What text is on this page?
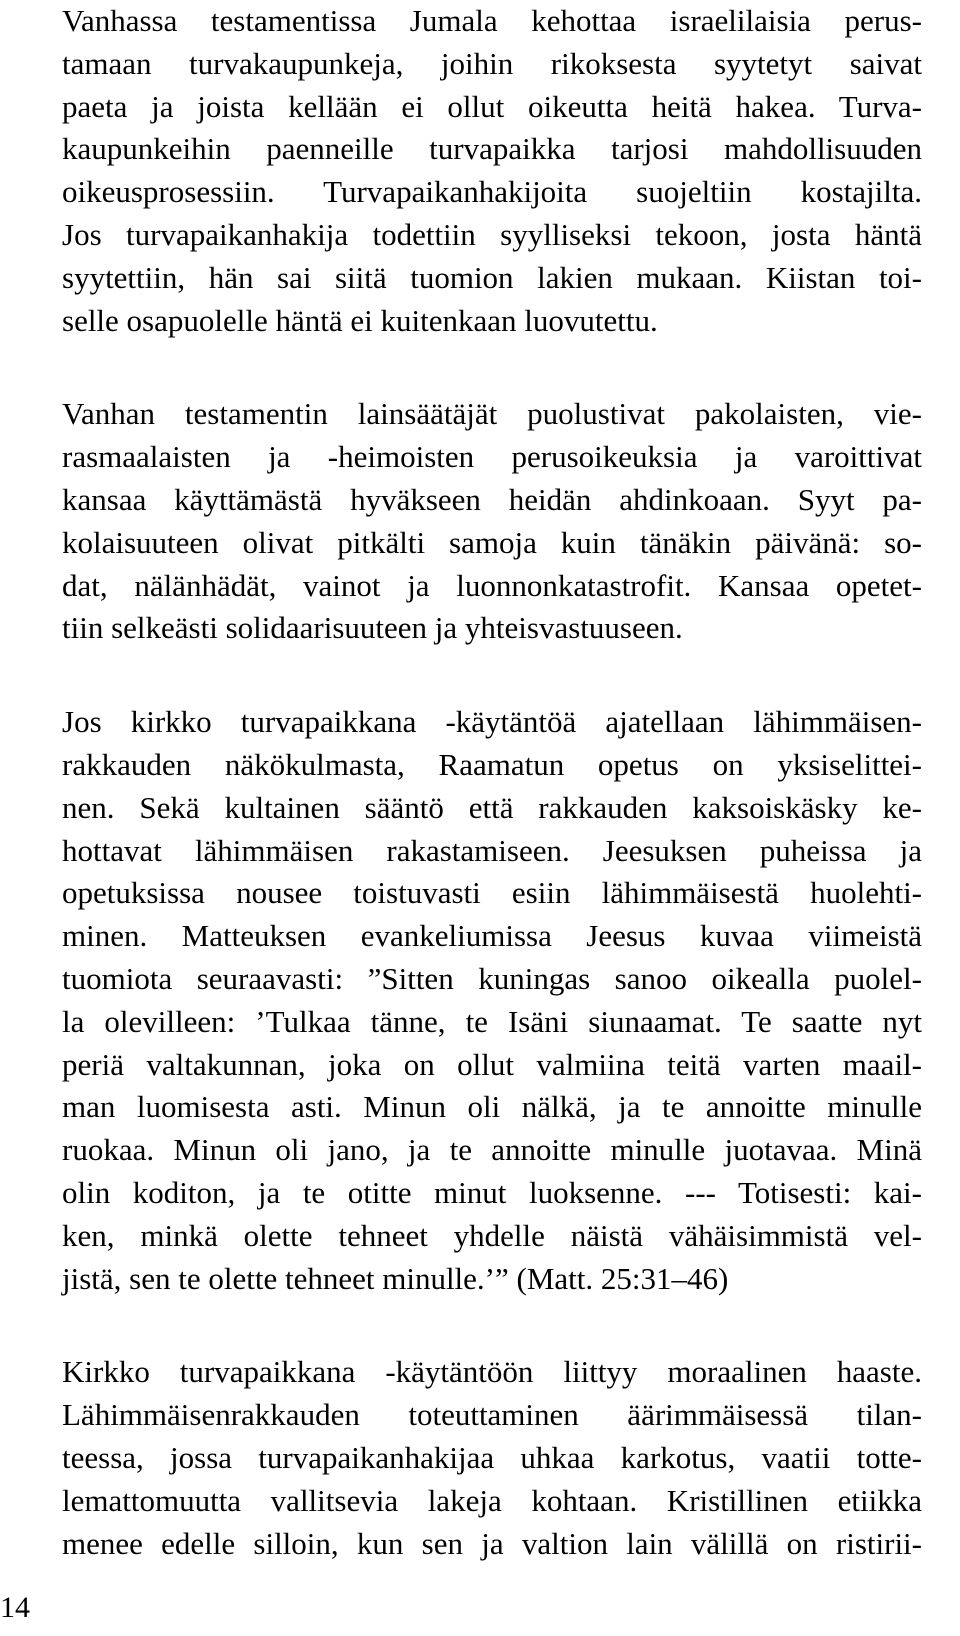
Vanhassa testamentissa Jumala kehottaa israelilaisia perus-
tamaan turvakaupunkeja, joihin rikoksesta syytetyt saivat
paeta ja joista kellään ei ollut oikeutta heitä hakea. Turva-
kaupunkeihin paenneille turvapaikka tarjosi mahdollisuuden
oikeusprosessiin. Turvapaikanhakijoita suojeltiin kostajilta.
Jos turvapaikanhakija todettiin syylliseksi tekoon, josta häntä
syytettiin, hän sai siitä tuomion lakien mukaan. Kiistan toi-
selle osapuolelle häntä ei kuitenkaan luovutettu.
Vanhan testamentin lainsäätäjät puolustivat pakolaisten, vie-
rasmaalaisten ja -heimoisten perusoikeuksia ja varoittivat
kansaa käyttämästä hyväkseen heidän ahdinkoaan. Syyt pa-
kolaisuuteen olivat pitkälti samoja kuin tänäkin päivänä: so-
dat, nälänhädät, vainot ja luonnonkatastrofit. Kansaa opetet-
tiin selkeästi solidaarisuuteen ja yhteisvastuuseen.
Jos kirkko turvapaikkana -käytäntöä ajatellaan lähimmäisen-
rakkauden näkökulmasta, Raamatun opetus on yksiselittei-
nen. Sekä kultainen sääntö että rakkauden kaksoiskäsky ke-
hottavat lähimmäisen rakastamiseen. Jeesuksen puheissa ja
opetuksissa nousee toistuvasti esiin lähimmäisestä huolehti-
minen. Matteuksen evankeliumissa Jeesus kuvaa viimeistä
tuomiota seuraavasti: ”Sitten kuningas sanoo oikealla puolel-
la olevilleen: ’Tulkaa tänne, te Isäni siunaamat. Te saatte nyt
periä valtakunnan, joka on ollut valmiina teitä varten maail-
man luomisesta asti. Minun oli nälkä, ja te annoitte minulle
ruokaa. Minun oli jano, ja te annoitte minulle juotavaa. Minä
olin koditon, ja te otitte minut luoksenne. --- Totisesti: kai-
ken, minkä olette tehneet yhdelle näistä vähäisimmistä vel-
jistä, sen te olette tehneet minulle.’” (Matt. 25:31–46)
Kirkko turvapaikkana -käytäntöön liittyy moraalinen haaste.
Lähimmäisenrakkauden toteuttaminen äärimmäisessä tilan-
teessa, jossa turvapaikanhakijaa uhkaa karkotus, vaatii totte-
lemattomuutta vallitsevia lakeja kohtaan. Kristillinen etiikka
menee edelle silloin, kun sen ja valtion lain välillä on ristirii-
14
